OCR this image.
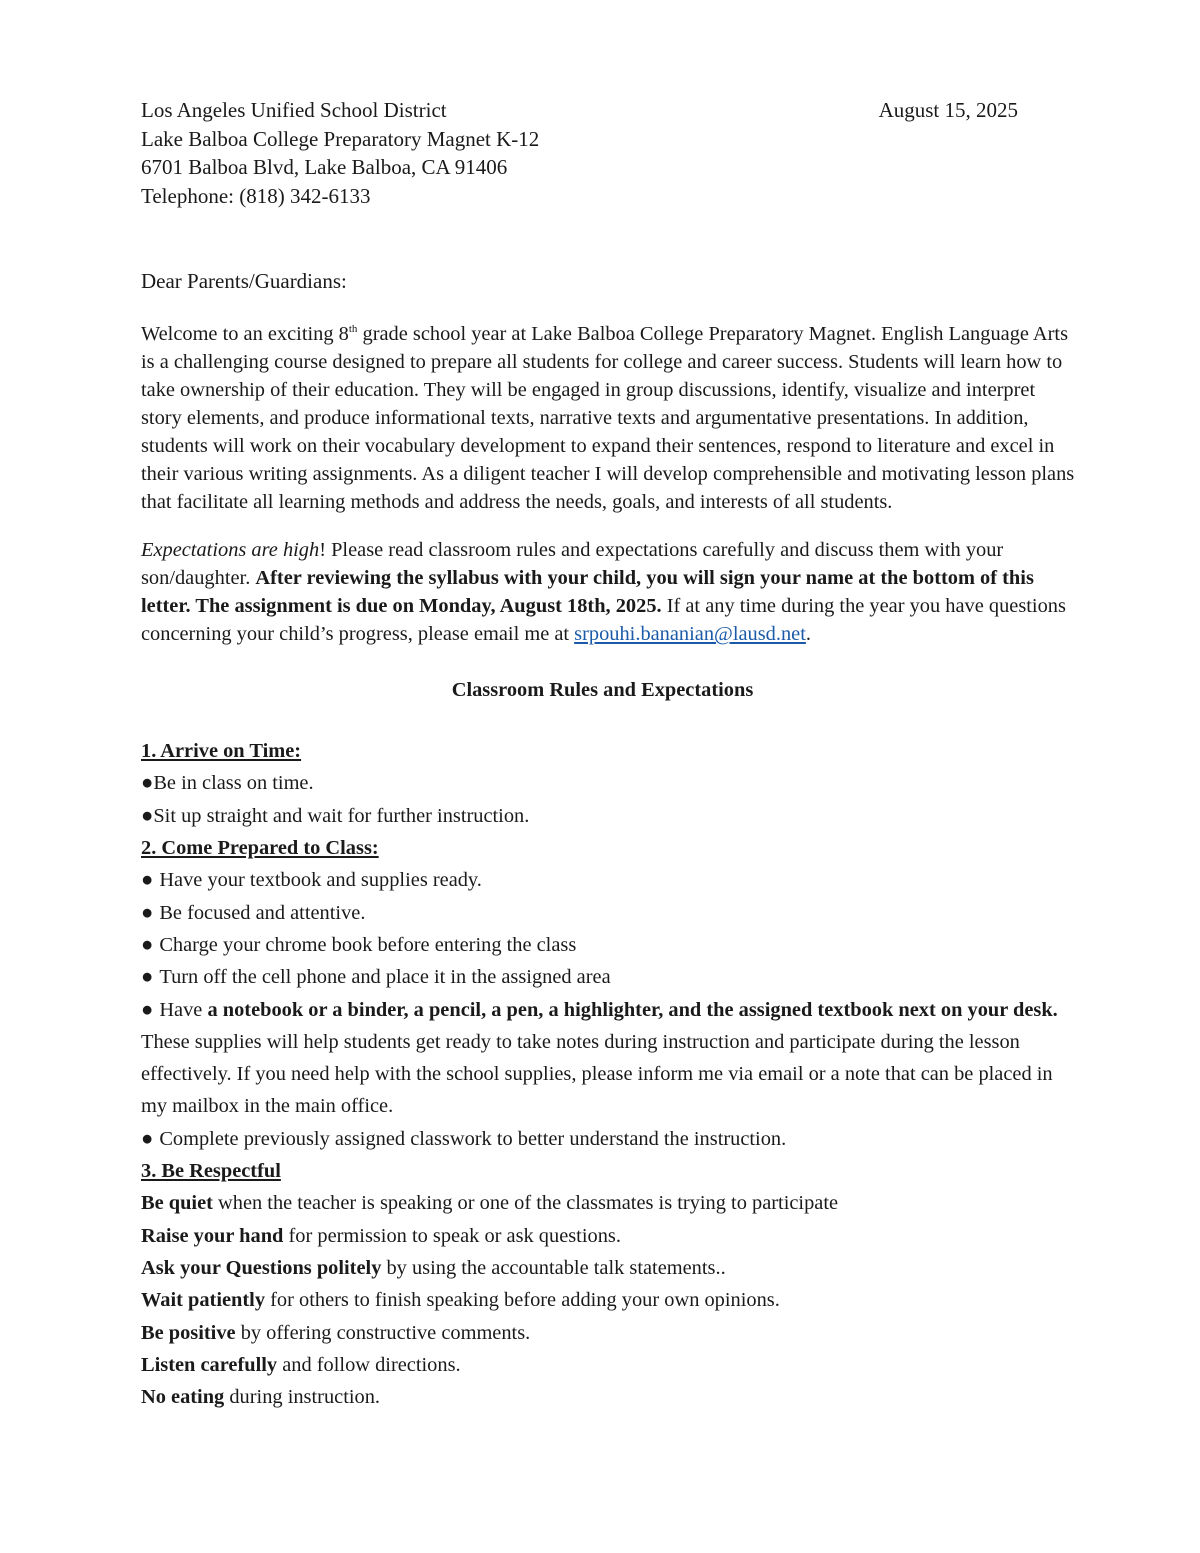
Los Angeles Unified School District
Lake Balboa College Preparatory Magnet K-12
6701 Balboa Blvd, Lake Balboa, CA 91406
Telephone: (818) 342-6133
August 15, 2025
Dear Parents/Guardians:
Welcome to an exciting 8th grade school year at Lake Balboa College Preparatory Magnet. English Language Arts is a challenging course designed to prepare all students for college and career success. Students will learn how to take ownership of their education. They will be engaged in group discussions, identify, visualize and interpret story elements, and produce informational texts, narrative texts and argumentative presentations. In addition, students will work on their vocabulary development to expand their sentences, respond to literature and excel in their various writing assignments. As a diligent teacher I will develop comprehensible and motivating lesson plans that facilitate all learning methods and address the needs, goals, and interests of all students.
Expectations are high! Please read classroom rules and expectations carefully and discuss them with your son/daughter. After reviewing the syllabus with your child, you will sign your name at the bottom of this letter. The assignment is due on Monday, August 18th, 2025. If at any time during the year you have questions concerning your child’s progress, please email me at srpouhi.bananian@lausd.net.
Classroom Rules and Expectations
1. Arrive on Time:
●Be in class on time.
●Sit up straight and wait for further instruction.
2. Come Prepared to Class:
● Have your textbook and supplies ready.
● Be focused and attentive.
● Charge your chrome book before entering the class
● Turn off the cell phone and place it in the assigned area
● Have a notebook or a binder, a pencil, a pen, a highlighter, and the assigned textbook next on your desk. These supplies will help students get ready to take notes during instruction and participate during the lesson effectively. If you need help with the school supplies, please inform me via email or a note that can be placed in my mailbox in the main office.
● Complete previously assigned classwork to better understand the instruction.
3. Be Respectful
Be quiet when the teacher is speaking or one of the classmates is trying to participate
Raise your hand for permission to speak or ask questions.
Ask your Questions politely by using the accountable talk statements..
Wait patiently for others to finish speaking before adding your own opinions.
Be positive by offering constructive comments.
Listen carefully and follow directions.
No eating during instruction.
